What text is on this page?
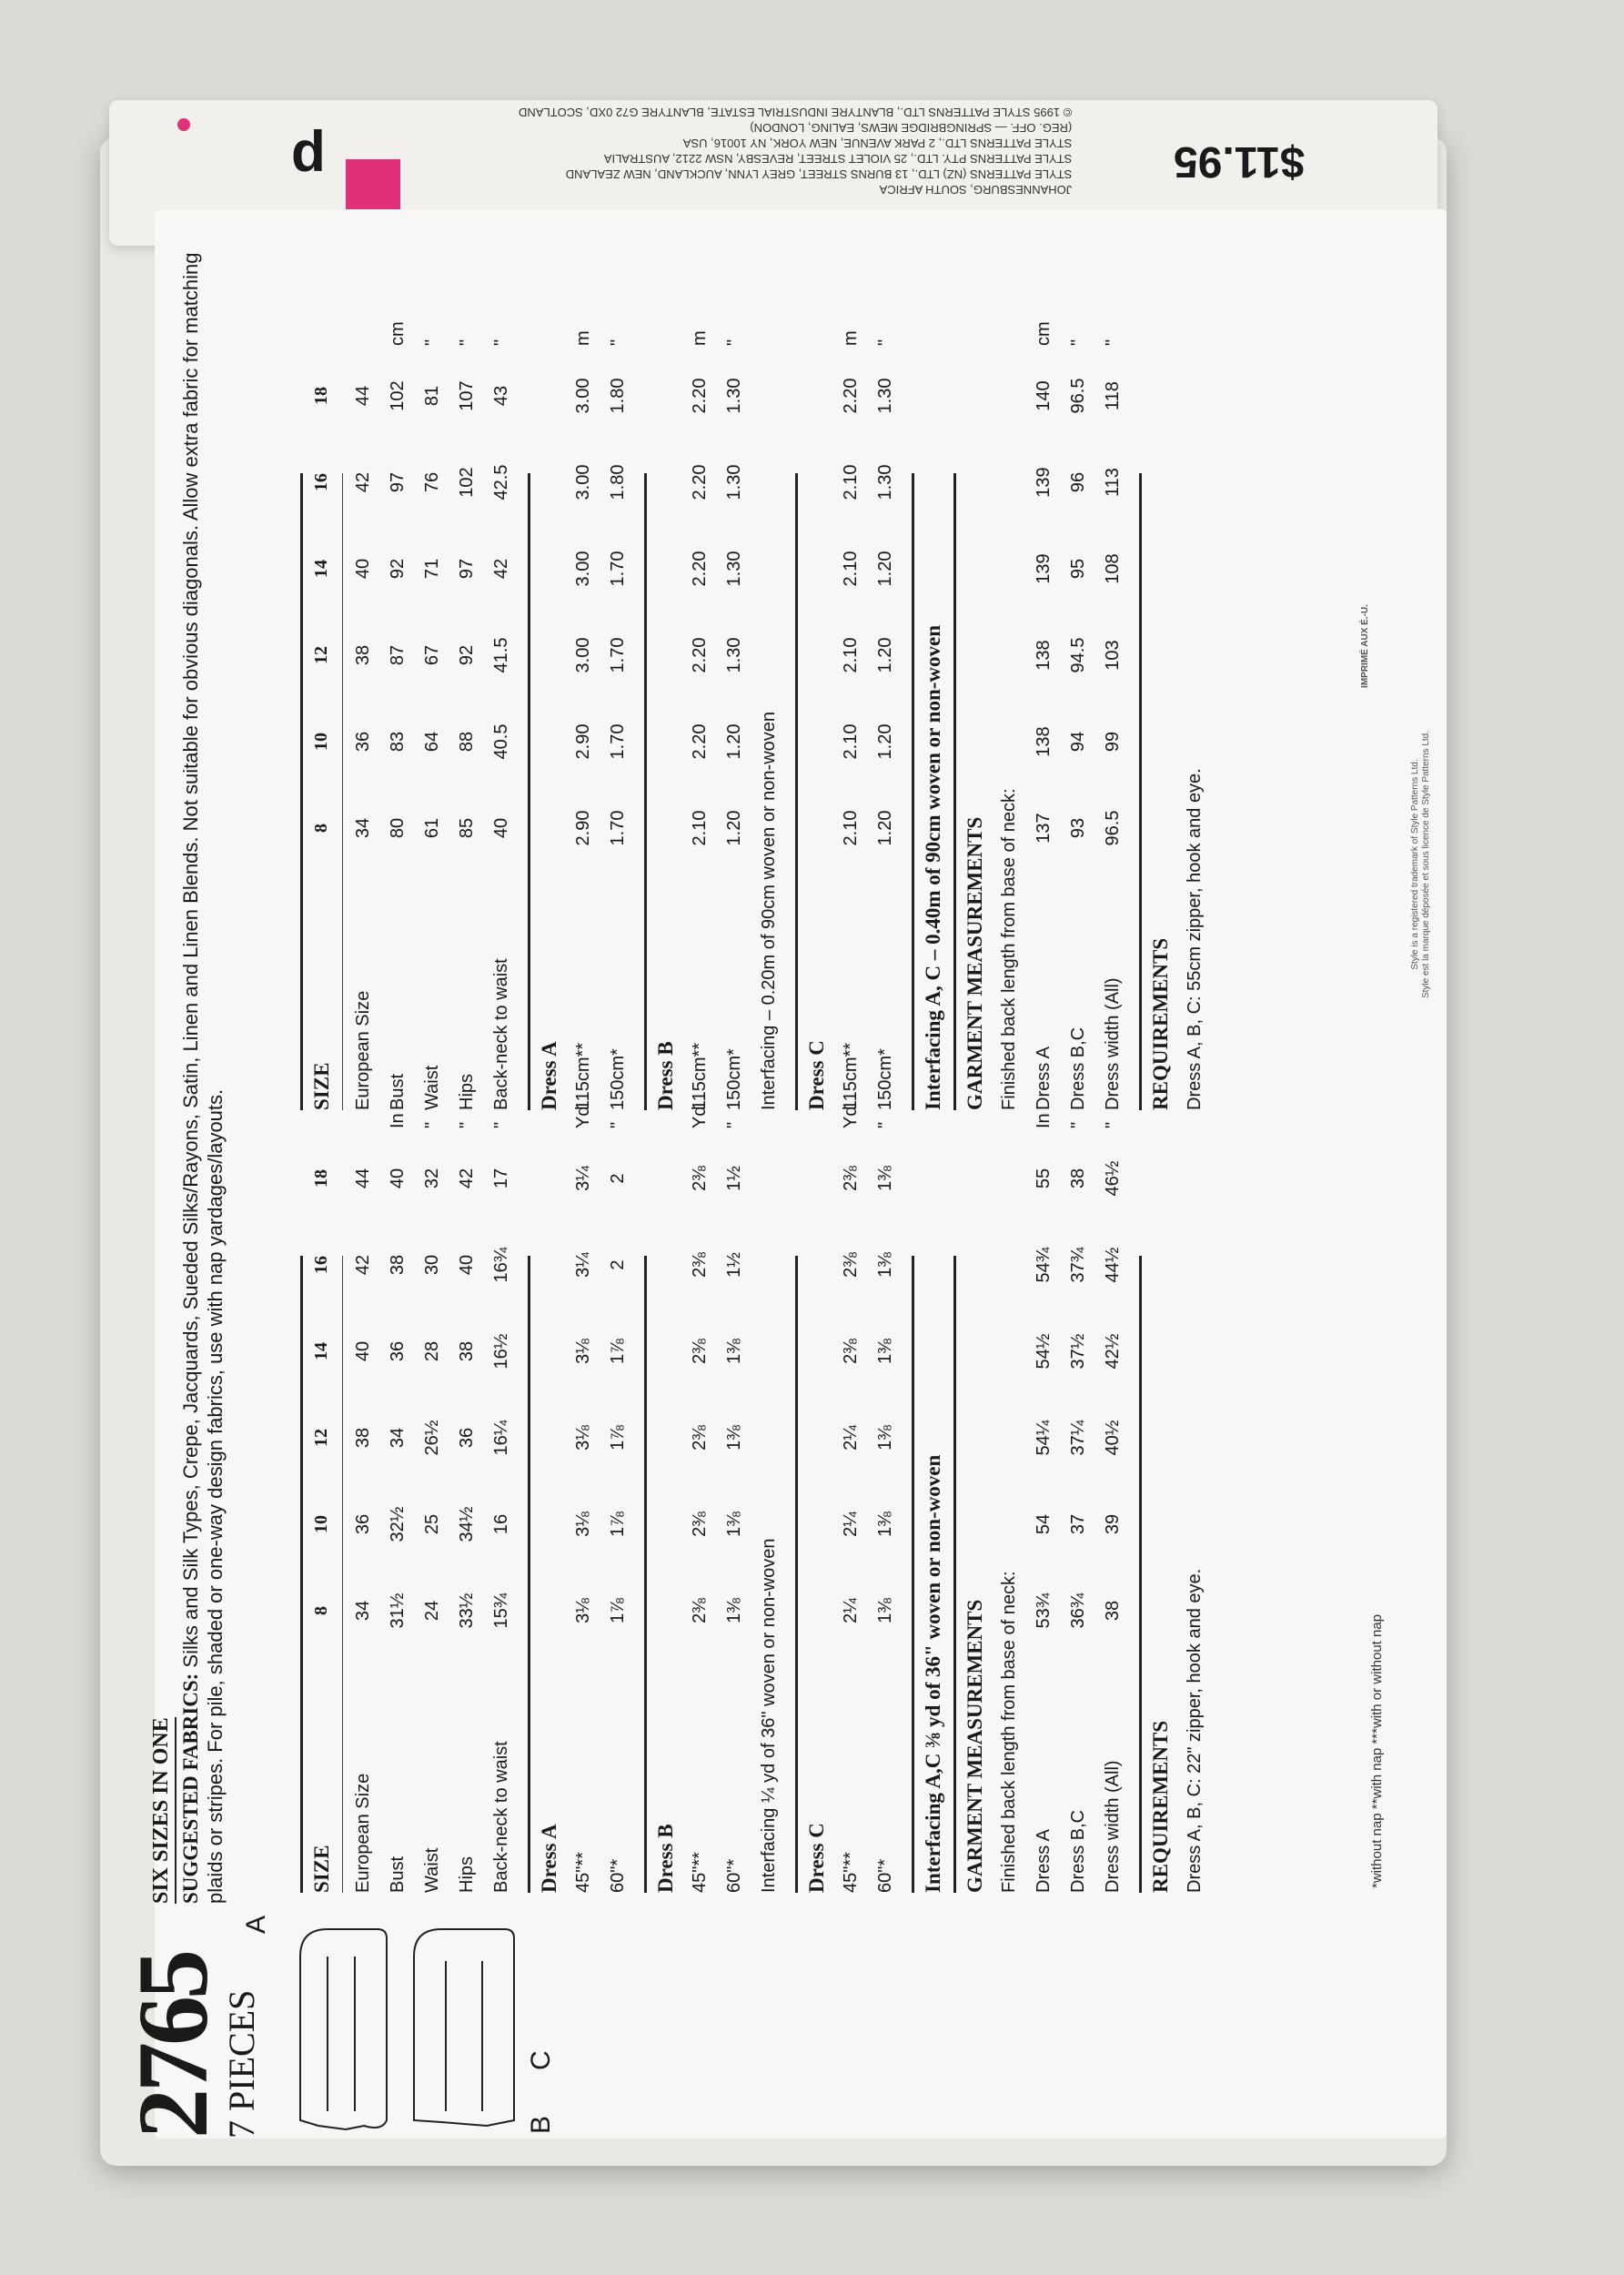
$11.95
p	JOHANNESBURG, SOUTH AFRICA
STYLE PATTERNS (NZ) LTD., 13 BURNS STREET, GREY LYNN, AUCKLAND, NEW ZEALAND
STYLE PATTERNS PTY. LTD., 25 VIOLET STREET, REVESBY, NSW 2212, AUSTRALIA
STYLE PATTERNS LTD., 2 PARK AVENUE, NEW YORK, NY 10016, USA
(REG. OFF. — SPRINGBRIDGE MEWS, EALING, LONDON)
© 1995 STYLE PATTERNS LTD., BLANTYRE INDUSTRIAL ESTATE, BLANTYRE G72 0XD, SCOTLAND
2765
7 PIECES
SIX SIZES IN ONE SUGGESTED FABRICS: Silks and Silk Types, Crepe, Jacquards, Sueded Silks/Rayons, Satin, Linen and Linen Blends. Not suitable for obvious diagonals. Allow extra fabric for matching plaids or stripes. For pile, shaded or one-way design fabrics, use with nap yardages/layouts.
A
B
C
SIZE
8
10
12
14
16
18
European Size
34
36
38
40
42
44
Bust
31½
32½
34
36
38
40
In
Waist
24
25
26½
28
30
32
"
Hips
33½
34½
36
38
40
42
"
Back-neck to waist
15¾
16
16¼
16½
16¾
17
"
Dress A 45"**
3⅛
3⅛
3⅛
3⅛
3¼
3¼
Yd
60"*
1⅞
1⅞
1⅞
1⅞
2
2
"
Dress B 45"**
2⅜
2⅜
2⅜
2⅜
2⅜
2⅜
Yd
60"*
1⅜
1⅜
1⅜
1⅜
1½
1½
"
Interfacing ¼ yd of 36" woven or non-woven Dress C 45"**
2¼
2¼
2¼
2⅜
2⅜
2⅜
Yd
60"*
1⅜
1⅜
1⅜
1⅜
1⅜
1⅜
"
Interfacing A,C ⅜ yd of 36" woven or non-woven GARMENT MEASUREMENTS Finished back length from base of neck: Dress A
53¾
54
54¼
54½
54¾
55
In
Dress B,C
36¾
37
37¼
37½
37¾
38
"
Dress width (All)
38
39
40½
42½
44½
46½
"
REQUIREMENTS Dress A, B, C: 22" zipper, hook and eye.
SIZE
8
10
12
14
16
18
European Size
34
36
38
40
42
44
Bust
80
83
87
92
97
102
cm
Waist
61
64
67
71
76
81
"
Hips
85
88
92
97
102
107
"
Back-neck to waist
40
40.5
41.5
42
42.5
43
"
Dress A 115cm**
2.90
2.90
3.00
3.00
3.00
3.00
m
150cm*
1.70
1.70
1.70
1.70
1.80
1.80
"
Dress B 115cm**
2.10
2.20
2.20
2.20
2.20
2.20
m
150cm*
1.20
1.20
1.30
1.30
1.30
1.30
"
Interfacing – 0.20m of 90cm woven or non-woven Dress C 115cm**
2.10
2.10
2.10
2.10
2.10
2.20
m
150cm*
1.20
1.20
1.20
1.20
1.30
1.30
"
Interfacing A, C – 0.40m of 90cm woven or non-woven GARMENT MEASUREMENTS Finished back length from base of neck: Dress A
137
138
138
139
139
140
cm
Dress B,C
93
94
94.5
95
96
96.5
"
Dress width (All)
96.5
99
103
108
113
118
"
REQUIREMENTS Dress A, B, C: 55cm zipper, hook and eye.
*without nap **with nap ***with or without nap
Style is a registered trademark of Style Patterns Ltd. Style est la marque déposée et sous licence de Style Patterns Ltd.
IMPRIMÉ AUX É.-U.
